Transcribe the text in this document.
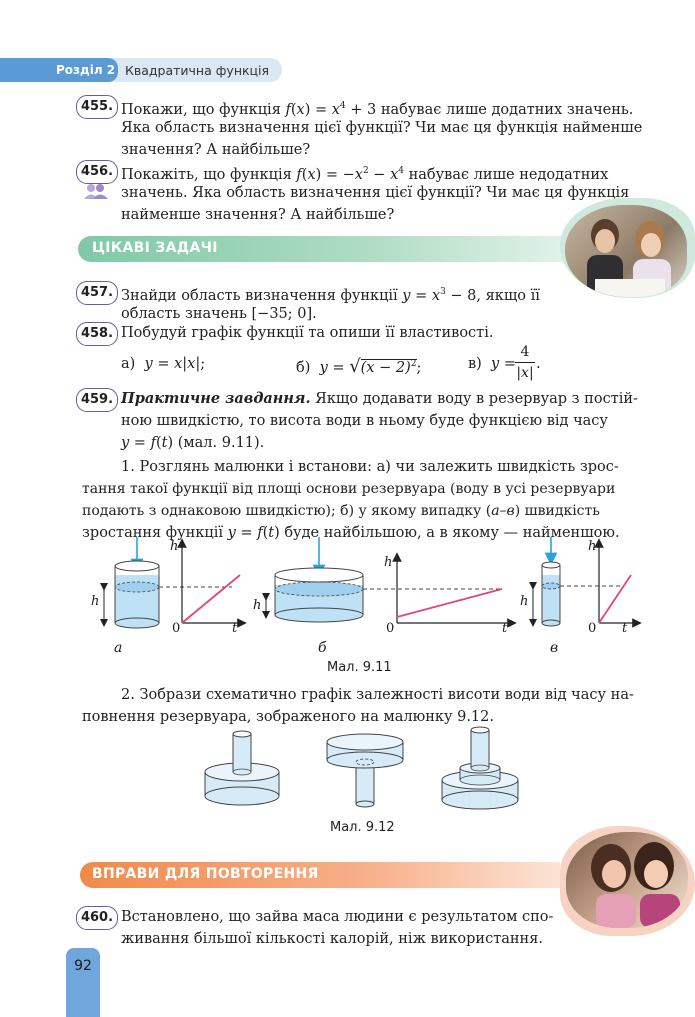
Розділ 2 Квадратична функція
455. Покажи, що функція $f(x) = x^4 + 3$ набуває лише додатних значень.
Яка область визначення цієї функції? Чи має ця функція найменше
значення? А найбільше?
456. Покажіть, що функція $f(x) = -x^2 - x^4$ набуває лише недодатних
значень. Яка область визначення цієї функції? Чи має ця функція
найменше значення? А найбільше?
ЦІКАВІ ЗАДАЧІ
457. Знайди область визначення функції $y = x^3 - 8$, якщо її
область значень [−35; 0].
458. Побудуй графік функції та опиши її властивості.
а) y = x|x|;	б) $y = √(x - 2)^2$;	в) y =
4
|x|
.
459. Практичне завдання. Якщо додавати воду в резервуар з постій-
ною швидкістю, то висота води в ньому буде функцією від часу
y = f(t) (мал. 9.11).
1. Розглянь малюнки і встанови: а) чи залежить швидкість зрос-
тання такої функції від площі основи резервуара (воду в усі резервуари
подають з однаковою швидкістю); б) у якому випадку (а–в) швидкість
зростання функції y = f(t) буде найбільшою, а в якому — найменшою.
h
h
0	t
а
h
h
0	t
б
h
h
0 t
в
Мал. 9.11
2. Зобрази схематично графік залежності висоти води від часу на-
повнення резервуара, зображеного на малюнку 9.12.
Мал. 9.12
ВПРАВИ ДЛЯ ПОВТОРЕННЯ
460. Встановлено, що зайва маса людини є результатом спо-
живання більшої кількості калорій, ніж використання.
92
